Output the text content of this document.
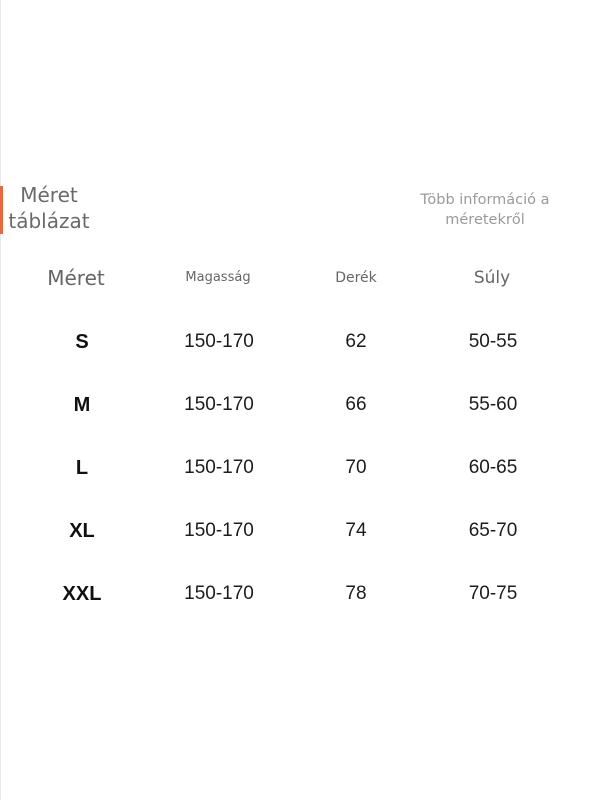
Méret
táblázat
Több információ a méretekről
Méret	Magasság	Derék	Súly
S	150-170	62	50-55
M	150-170	66	55-60
L	150-170	70	60-65
XL	150-170	74	65-70
XXL	150-170	78	70-75
